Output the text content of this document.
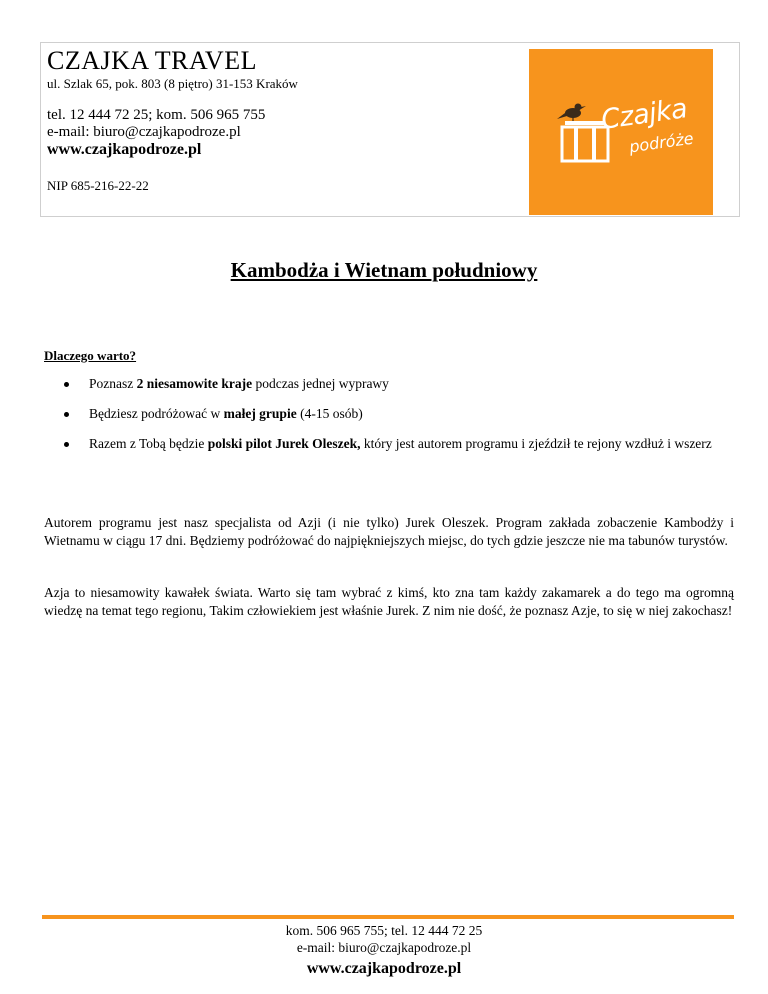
CZAJKA TRAVEL
ul. Szlak 65, pok. 803 (8 piętro) 31-153 Kraków
tel. 12 444 72 25; kom. 506 965 755
e-mail: biuro@czajkapodroze.pl
www.czajkapodroze.pl
NIP 685-216-22-22
Czajka
podróże
Kambodża i Wietnam południowy
Dlaczego warto?
Poznasz 2 niesamowite kraje podczas jednej wyprawy
Będziesz podróżować w małej grupie (4-15 osób)
Razem z Tobą będzie polski pilot Jurek Oleszek, który jest autorem programu i zjeździł te rejony wzdłuż i wszerz
Autorem programu jest nasz specjalista od Azji (i nie tylko) Jurek Oleszek. Program zakłada zobaczenie Kambodży i Wietnamu w ciągu 17 dni. Będziemy podróżować do najpiękniejszych miejsc, do tych gdzie jeszcze nie ma tabunów turystów.
Azja to niesamowity kawałek świata. Warto się tam wybrać z kimś, kto zna tam każdy zakamarek a do tego ma ogromną wiedzę na temat tego regionu, Takim człowiekiem jest właśnie Jurek. Z nim nie dość, że poznasz Azje, to się w niej zakochasz!
kom. 506 965 755; tel. 12 444 72 25
e-mail: biuro@czajkapodroze.pl
www.czajkapodroze.pl
